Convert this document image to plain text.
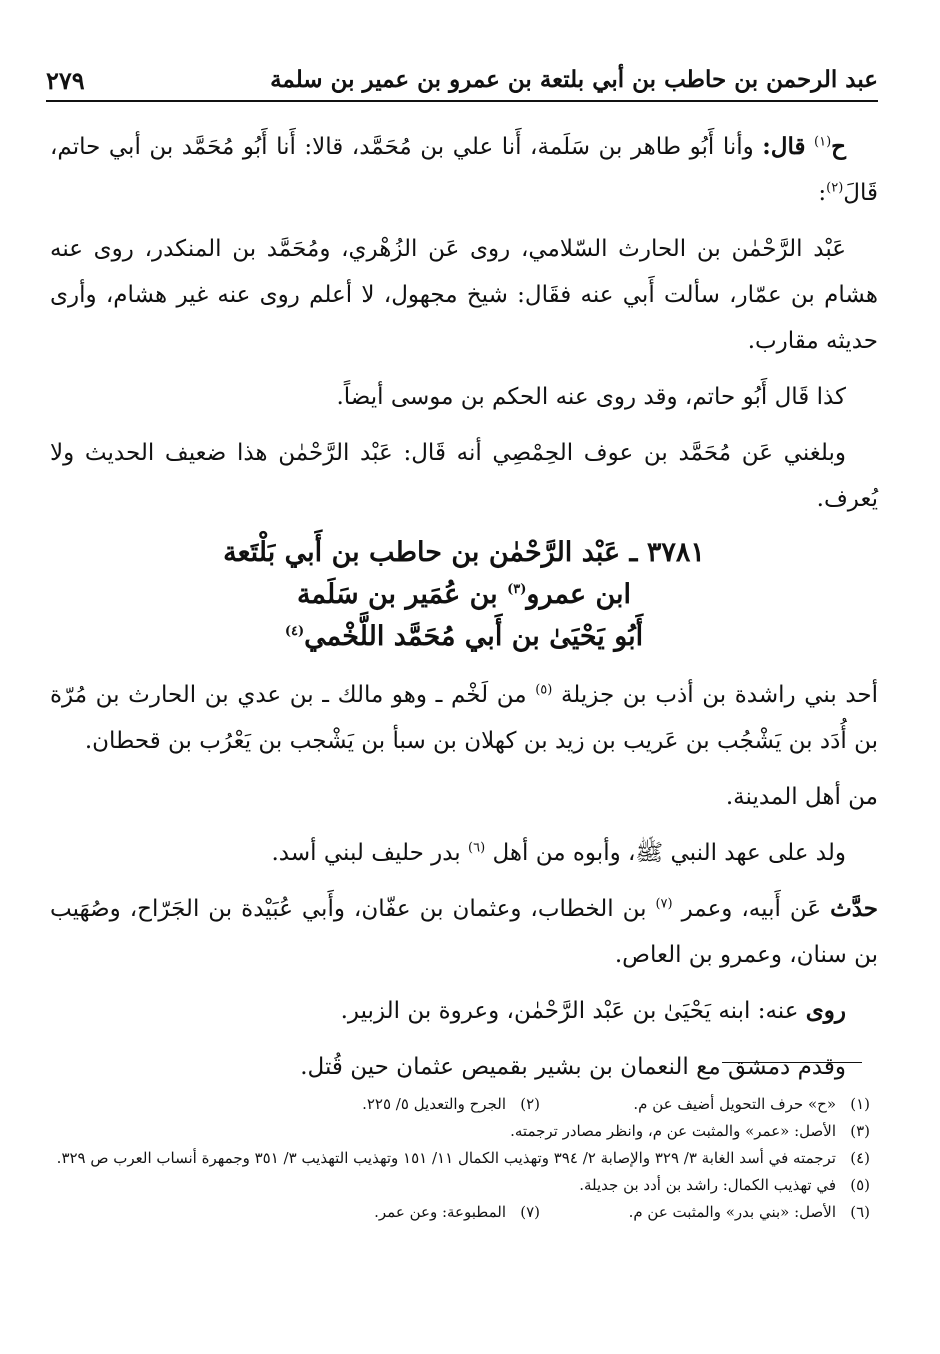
عبد الرحمن بن حاطب بن أبي بلتعة بن عمرو بن عمير بن سلمة
٢٧٩

ح$^{(١)}$ قال: وأنا أَبُو طاهر بن سَلَمة، أَنا علي بن مُحَمَّد، قالا: أَنا أَبُو مُحَمَّد بن أبي حاتم، قَالَ$^{(٢)}$:

عَبْد الرَّحْمٰن بن الحارث السّلامي، روى عَن الزُهْري، ومُحَمَّد بن المنكدر، روى عنه هشام بن عمّار، سألت أَبي عنه فقَال: شيخ مجهول، لا أعلم روى عنه غير هشام، وأرى حديثه مقارب.

كذا قَال أَبُو حاتم، وقد روى عنه الحكم بن موسى أيضاً.

وبلغني عَن مُحَمَّد بن عوف الحِمْصِي أنه قَال: عَبْد الرَّحْمٰن هذا ضعيف الحديث ولا يُعرف.

٣٧٨١ ـ عَبْد الرَّحْمٰن بن حاطب بن أَبي بَلْتَعة
ابن عمرو$^{(٣)}$ بن عُمَير بن سَلَمة
أَبُو يَحْيَىٰ بن أَبي مُحَمَّد اللَّخْمي$^{(٤)}$

أحد بني راشدة بن أذب بن جزيلة $^{(٥)}$ من لَخْم ـ وهو مالك ـ بن عدي بن الحارث بن مُرّة بن أُدَد بن يَشْجُب بن عَريب بن زيد بن كهلان بن سبأ بن يَشْجب بن يَعْرُب بن قحطان.

من أهل المدينة.

ولد على عهد النبي ﷺ، وأبوه من أهل $^{(٦)}$ بدر حليف لبني أسد.

حدَّث عَن أَبيه، وعمر $^{(٧)}$ بن الخطاب، وعثمان بن عفّان، وأَبي عُبَيْدة بن الجَرّاح، وصُهَيب بن سنان، وعمرو بن العاص.

روى عنه: ابنه يَحْيَىٰ بن عَبْد الرَّحْمٰن، وعروة بن الزبير.

وقدم دمشق مع النعمان بن بشير بقميص عثمان حين قُتل.

(١)
«ح» حرف التحويل أضيف عن م.
(٢)
الجرح والتعديل ٥/ ٢٢٥.
(٣)
الأصل: «عمر» والمثبت عن م، وانظر مصادر ترجمته.
(٤)
ترجمته في أسد الغابة ٣/ ٣٢٩ والإصابة ٢/ ٣٩٤ وتهذيب الكمال ١١/ ١٥١ وتهذيب التهذيب ٣/ ٣٥١ وجمهرة أنساب العرب ص ٣٢٩.
(٥)
في تهذيب الكمال: راشد بن أدد بن جديلة.
(٦)
الأصل: «بني بدر» والمثبت عن م.
(٧)
المطبوعة: وعن عمر.
